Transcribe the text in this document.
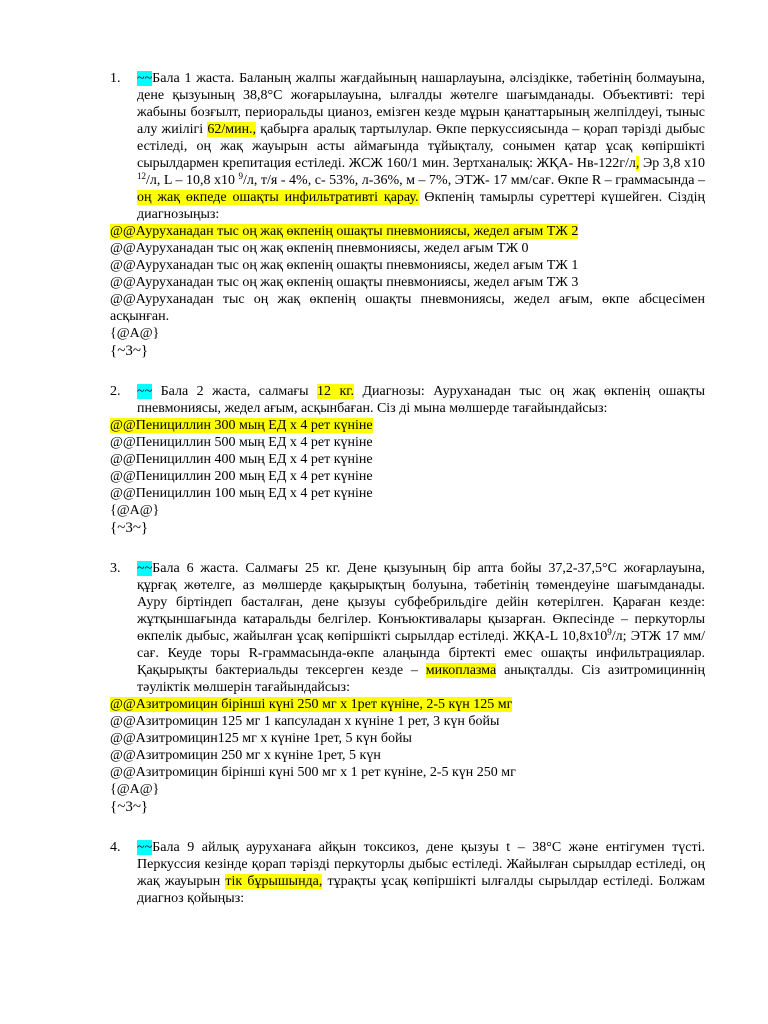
1. ~~Бала 1 жаста. Баланың жалпы жағдайының нашарлауына, әлсіздікке, тәбетінің болмауына, дене қызуының 38,8°С жоғарылауына, ылғалды жөтелге шағымданады. Объективті: тері жабыны бозғылт, периоральды цианоз, емізген кезде мұрын қанаттарының желпілдеуі, тыныс алу жиілігі 62/мин., қабырға аралық тартылулар. Өкпе перкуссиясында – қорап тәрізді дыбыс естіледі, оң жақ жауырын асты аймағында тұйықталу, сонымен қатар ұсақ көпіршікті сырылдармен крепитация естіледі. ЖСЖ 160/1 мин. Зертханалық: ЖҚА- Нв-122г/л, Эр 3,8 х10 $^{12}$/л, L – 10,8 х10 $^9$/л, т/я - 4%, с- 53%, л-36%, м – 7%, ЭТЖ- 17 мм/сағ. Өкпе R – граммасында – оң жақ өкпеде ошақты инфильтративті қарау. Өкпенің тамырлы суреттері күшейген. Сіздің диагнозыңыз:
@@Ауруханадан тыс оң жақ өкпенің ошақты пневмониясы, жедел ағым ТЖ 2
@@Ауруханадан тыс оң жақ өкпенің пневмониясы, жедел ағым ТЖ 0
@@Ауруханадан тыс оң жақ өкпенің ошақты пневмониясы, жедел ағым ТЖ 1
@@Ауруханадан тыс оң жақ өкпенің ошақты пневмониясы, жедел ағым ТЖ 3
@@Ауруханадан тыс оң жақ өкпенің ошақты пневмониясы, жедел ағым, өкпе абсцесімен асқынған.
{@A@}
{~3~}
2. ~~ Бала 2 жаста, салмағы 12 кг. Диагнозы: Ауруханадан тыс оң жақ өкпенің ошақты пневмониясы, жедел ағым, асқынбаған. Сіз ді мына мөлшерде тағайындайсыз:
@@Пенициллин 300 мың ЕД х 4 рет күніне
@@Пенициллин 500 мың ЕД х 4 рет күніне
@@Пенициллин 400 мың ЕД х 4 рет күніне
@@Пенициллин 200 мың ЕД х 4 рет күніне
@@Пенициллин 100 мың ЕД х 4 рет күніне
{@A@}
{~3~}
3. ~~Бала 6 жаста. Салмағы 25 кг. Дене қызуының бір апта бойы 37,2-37,5°С жоғарлауына, құрғақ жөтелге, аз мөлшерде қақырықтың болуына, тәбетінің төмендеуіне шағымданады. Ауру біртіндеп басталған, дене қызуы субфебрильдіге дейін көтерілген. Қараған кезде: жұтқыншағында катаральды белгілер. Конъюктивалары қызарған. Өкпесінде – перкуторлы өкпелік дыбыс, жайылған ұсақ көпіршікті сырылдар естіледі. ЖҚА-L $10,8х10^9/л$; ЭТЖ 17 мм/сағ. Кеуде торы R-граммасында-өкпе алаңында біртекті емес ошақты инфильтрациялар. Қақырықты бактериальды тексерген кезде – микоплазма анықталды. Сіз азитромициннің тәуліктік мөлшерін тағайындайсыз:
@@Азитромицин бірінші күні 250 мг х 1рет күніне, 2-5 күн 125 мг
@@Азитромицин 125 мг 1 капсуладан х күніне 1 рет, 3 күн бойы
@@Азитромицин125 мг х күніне 1рет, 5 күн бойы
@@Азитромицин 250 мг х күніне 1рет, 5 күн
@@Азитромицин бірінші күні 500 мг х 1 рет күніне, 2-5 күн 250 мг
{@A@}
{~3~}
4. ~~Бала 9 айлық ауруханаға айқын токсикоз, дене қызуы t – 38°С және ентігумен түсті. Перкуссия кезінде қорап тәрізді перкуторлы дыбыс естіледі. Жайылған сырылдар естіледі, оң жақ жауырын тік бұрышында, тұрақты ұсақ көпіршікті ылғалды сырылдар естіледі. Болжам диагноз қойыңыз:
